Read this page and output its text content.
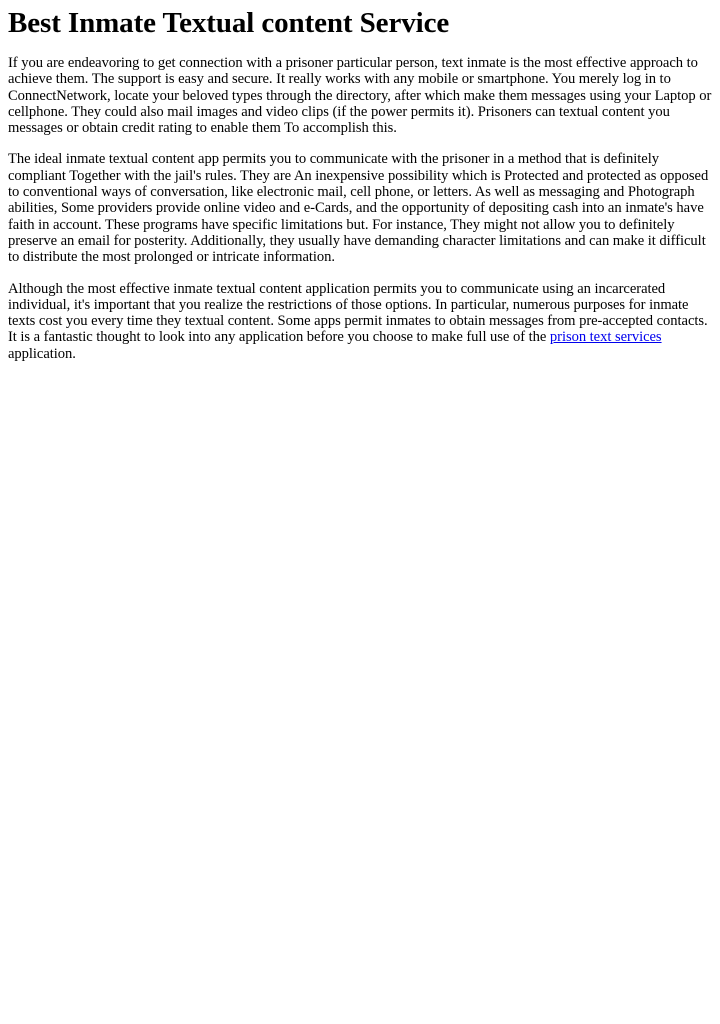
Best Inmate Textual content Service

If you are endeavoring to get connection with a prisoner particular person, text inmate is the most effective approach to achieve them. The support is easy and secure. It really works with any mobile or smartphone. You merely log in to ConnectNetwork, locate your beloved types through the directory, after which make them messages using your Laptop or cellphone. They could also mail images and video clips (if the power permits it). Prisoners can textual content you messages or obtain credit rating to enable them To accomplish this.

The ideal inmate textual content app permits you to communicate with the prisoner in a method that is definitely compliant Together with the jail's rules. They are An inexpensive possibility which is Protected and protected as opposed to conventional ways of conversation, like electronic mail, cell phone, or letters. As well as messaging and Photograph abilities, Some providers provide online video and e-Cards, and the opportunity of depositing cash into an inmate's have faith in account. These programs have specific limitations but. For instance, They might not allow you to definitely preserve an email for posterity. Additionally, they usually have demanding character limitations and can make it difficult to distribute the most prolonged or intricate information.

Although the most effective inmate textual content application permits you to communicate using an incarcerated individual, it's important that you realize the restrictions of those options. In particular, numerous purposes for inmate texts cost you every time they textual content. Some apps permit inmates to obtain messages from pre-accepted contacts. It is a fantastic thought to look into any application before you choose to make full use of the prison text services application.
